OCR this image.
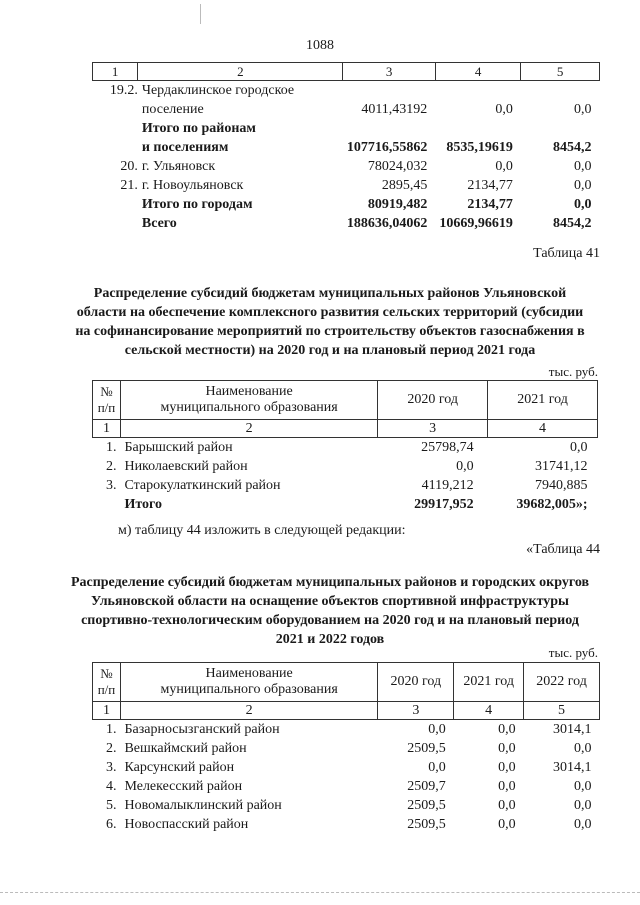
1088
1	2	3	4	5
19.2.	Чердаклинское городское
поселение	4011,43192	0,0	0,0

	Итого по районам
и поселениям	107716,55862	8535,19619	8454,2
20.	г. Ульяновск	78024,032	0,0	0,0
21.	г. Новоульяновск	2895,45	2134,77	0,0

	Итого по городам	80919,482	2134,77	0,0

	Всего	188636,04062	10669,96619	8454,2
Таблица 41
Распределение субсидий бюджетам муниципальных районов Ульяновской области на обеспечение комплексного развития сельских территорий (субсидии на софинансирование мероприятий по строительству объектов газоснабжения в сельской местности) на 2020 год и на плановый период 2021 года
тыс. руб.
№ п/п	Наименование
муниципального образования	2020 год	2021 год
1	2	3	4
1.	Барышский район	25798,74	0,0
2.	Николаевский район	0,0	31741,12
3.	Старокулаткинский район	4119,212	7940,885
	Итого	29917,952	39682,005»;
м) таблицу 44 изложить в следующей редакции:
«Таблица 44
Распределение субсидий бюджетам муниципальных районов и городских округов Ульяновской области на оснащение объектов спортивной инфраструктуры спортивно-технологическим оборудованием на 2020 год и на плановый период 2021 и 2022 годов
тыс. руб.
№ п/п	Наименование
муниципального образования	2020 год	2021 год	2022 год
1	2	3	4	5
1.	Базарносызганский район	0,0	0,0	3014,1
2.	Вешкаймский район	2509,5	0,0	0,0
3.	Карсунский район	0,0	0,0	3014,1
4.	Мелекесский район	2509,7	0,0	0,0
5.	Новомалыклинский район	2509,5	0,0	0,0
6.	Новоспасский район	2509,5	0,0	0,0
